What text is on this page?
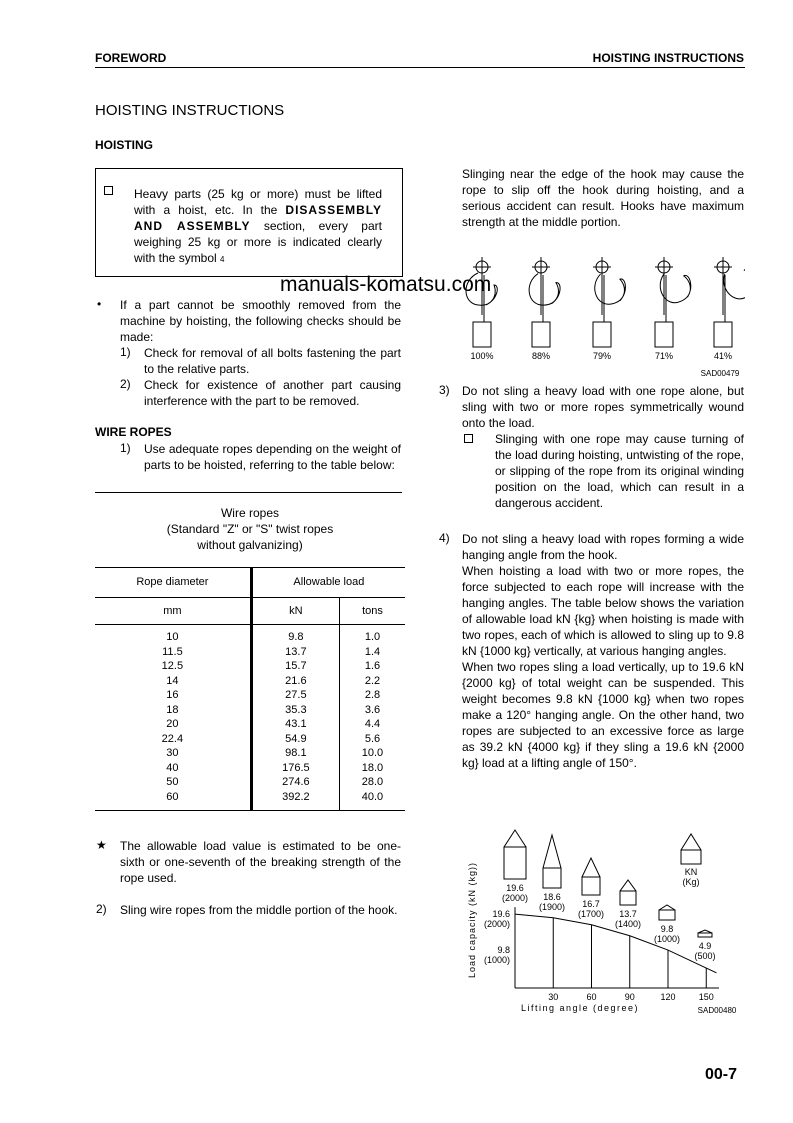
FOREWORD	HOISTING INSTRUCTIONS
HOISTING INSTRUCTIONS
HOISTING
Heavy parts (25 kg or more) must be lifted with a hoist, etc. In the DISASSEMBLY AND ASSEMBLY section, every part weighing 25 kg or more is indicated clearly with the symbol 4
manuals-komatsu.com
• If a part cannot be smoothly removed from the machine by hoisting, the following checks should be made:
1) Check for removal of all bolts fastening the part to the relative parts.
2) Check for existence of another part causing interference with the part to be removed.
WIRE ROPES
1) Use adequate ropes depending on the weight of parts to be hoisted, referring to the table below:
Wire ropes
(Standard "Z" or "S" twist ropes
without galvanizing)
Rope diameter	Allowable load	
mm	kN	tons
10	9.8	1.0
11.5	13.7	1.4
12.5	15.7	1.6
14	21.6	2.2
16	27.5	2.8
18	35.3	3.6
20	43.1	4.4
22.4	54.9	5.6
30	98.1	10.0
40	176.5	18.0
50	274.6	28.0
60	392.2	40.0
★ The allowable load value is estimated to be one-sixth or one-seventh of the breaking strength of the rope used.
2) Sling wire ropes from the middle portion of the hook.
Slinging near the edge of the hook may cause the rope to slip off the hook during hoisting, and a serious accident can result. Hooks have maximum strength at the middle portion.
100%	88%	79%	71%	41%
SAD00479
3) Do not sling a heavy load with one rope alone, but sling with two or more ropes symmetrically wound onto the load.
Slinging with one rope may cause turning of the load during hoisting, untwisting of the rope, or slipping of the rope from its original winding position on the load, which can result in a dangerous accident.
4) Do not sling a heavy load with ropes forming a wide hanging angle from the hook.
When hoisting a load with two or more ropes, the force subjected to each rope will increase with the hanging angles. The table below shows the variation of allowable load kN {kg} when hoisting is made with two ropes, each of which is allowed to sling up to 9.8 kN {1000 kg} vertically, at various hanging angles.
When two ropes sling a load vertically, up to 19.6 kN {2000 kg} of total weight can be suspended. This weight becomes 9.8 kN {1000 kg} when two ropes make a 120° hanging angle. On the other hand, two ropes are subjected to an excessive force as large as 39.2 kN {4000 kg} if they sling a 19.6 kN {2000 kg} load at a lifting angle of 150°.
30	60	90	120	150
19.6
(2000)
9.8
(1000)
19.6
(2000) 18.6
(1900) 16.7
(1700) 13.7
(1400) 9.8
(1000)
4.9
(500)
KN
(Kg)
Lifting angle (degree)
Load capacity (kN (kg))
SAD00480
00-7
